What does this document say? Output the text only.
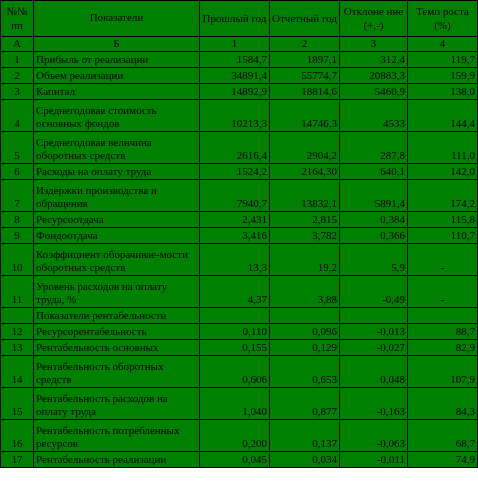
№№ пп	Показатели	Прошлый год	Отчетный год	Отклоне ние (+,-)	Темп роста (%)
А	Б	1	2	3	4
1	Прибыль от реализации	1584,7	1897,1	312,4	119,7
2	Объем реализации	34891,4	55774,7	20883,3	159,9
3	Капитал	14892,9	18814,6	5460,9	138,0
4	Среднегодовая стоимость основных фондов	10213,3	14746,3	4533	144,4
5	Среднегодовая величина оборотных средств	2616,4	2904,2	287,8	111,0
6	Расходы на оплату труда	1524,2	2164,30	640,1	142,0
7	Издержки производства и обращения	7940,7	13832,1	5891,4	174,2
8	Ресурсоотдача	2,431	2,815	0,384	115,8
9	Фондоотдача	3,416	3,782	0,366	110,7
10	Коэффициент оборачивае-мости оборотных средств	13,3	19,2	5,9	-
11	Уровень расходов на оплату труда, %	4,37	3,88	-0,49	-
	Показатели рентабельности				
12	Ресурсорентабельность	0,110	0,096	-0,013	88,7
13	Рентабельность основных	0,155	0,129	-0,027	82,9
14	Рентабельность оборотных средств	0,606	0,653	0,048	107,9
15	Рентабельность расходов на оплату труда	1,040	0,877	-0,163	84,3
16	Рентабельность потребленных ресурсов	0,200	0,137	-0,063	68,7
17	Рентабельность реализации	0,045	0,034	-0,011	74,9
